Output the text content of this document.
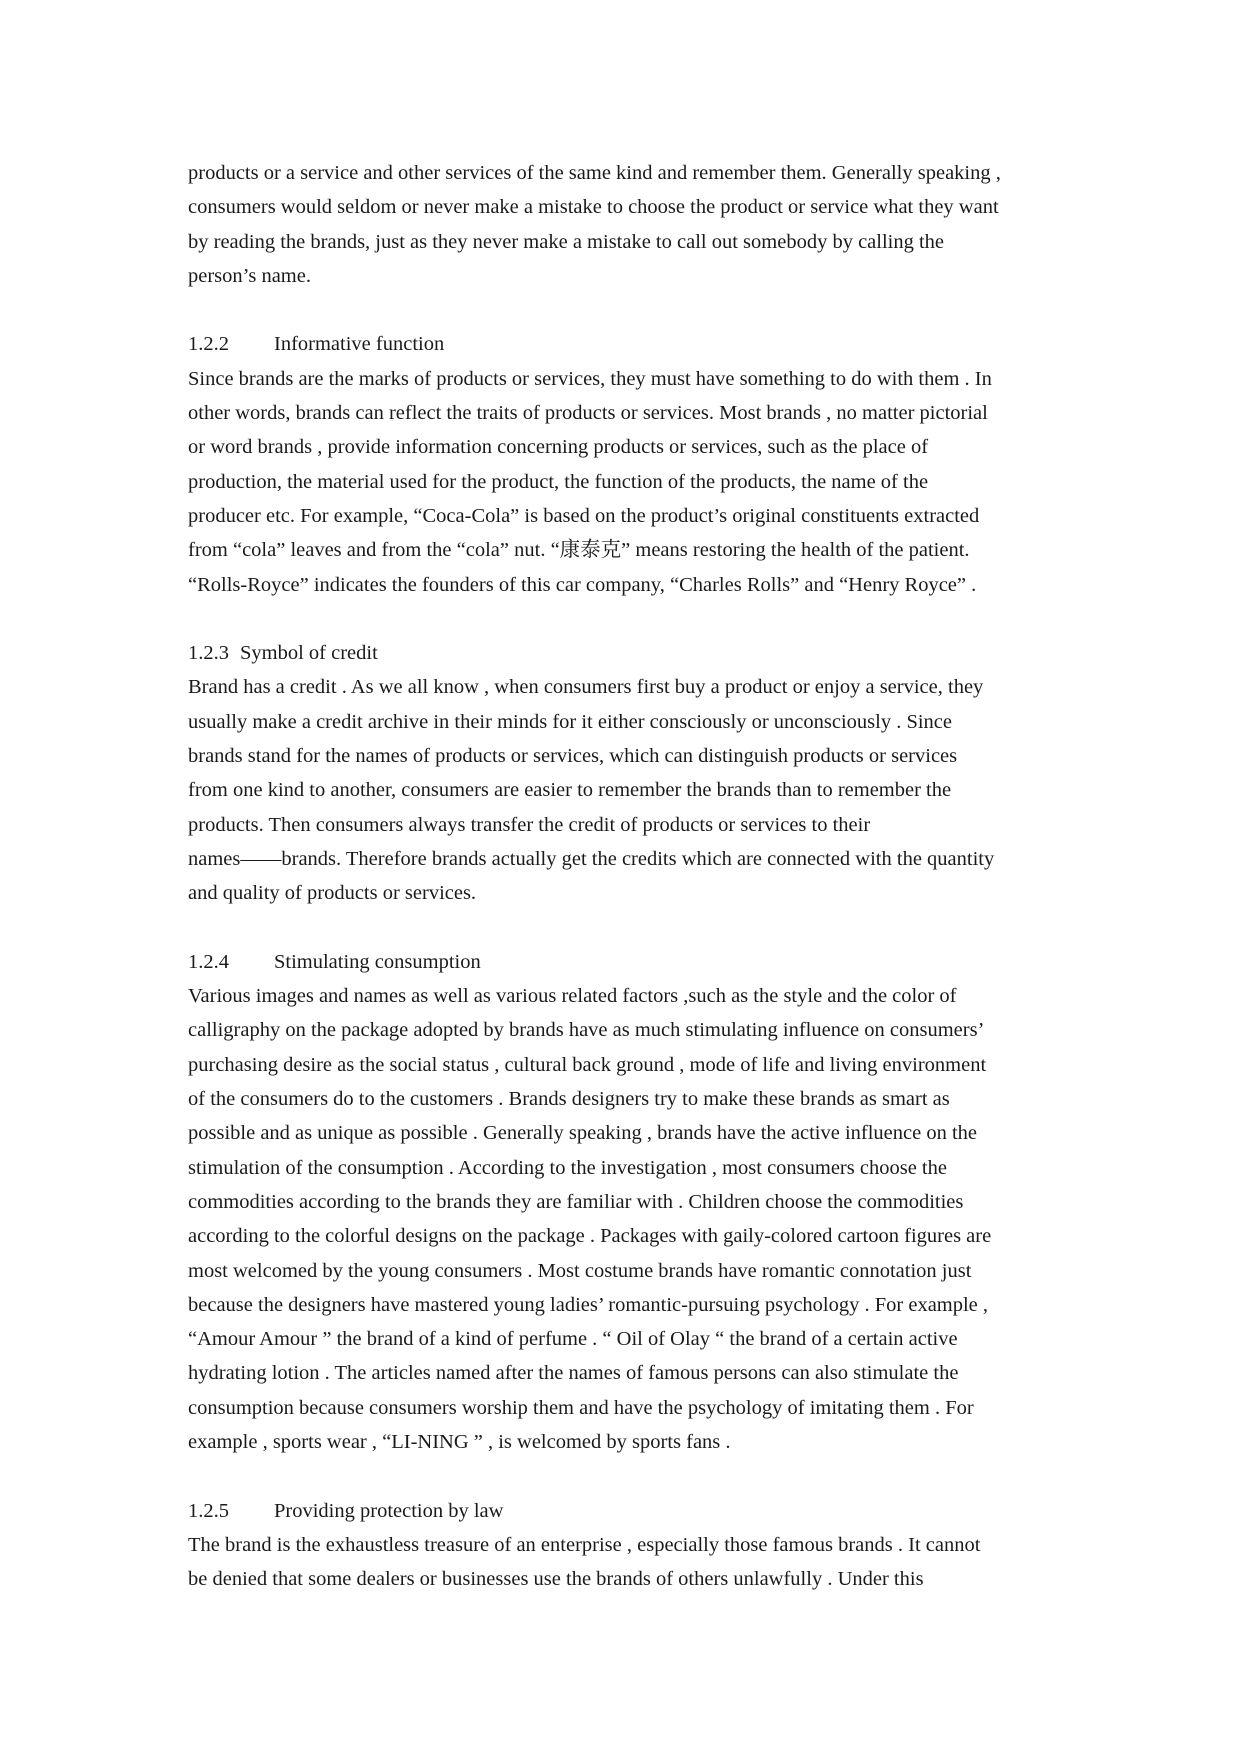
products or a service and other services of the same kind and remember them. Generally speaking ,
consumers would seldom or never make a mistake to choose the product or service what they want
by reading the brands, just as they never make a mistake to call out somebody by calling the
person’s name.

1.2.2 Informative function

Since brands are the marks of products or services, they must have something to do with them . In
other words, brands can reflect the traits of products or services. Most brands , no matter pictorial
or word brands , provide information concerning products or services, such as the place of
production, the material used for the product, the function of the products, the name of the
producer etc. For example, “Coca-Cola” is based on the product’s original constituents extracted
from “cola” leaves and from the “cola” nut. “康泰克” means restoring the health of the patient.
“Rolls-Royce” indicates the founders of this car company, “Charles Rolls” and “Henry Royce” .

1.2.3 Symbol of credit

Brand has a credit . As we all know , when consumers first buy a product or enjoy a service, they
usually make a credit archive in their minds for it either consciously or unconsciously . Since
brands stand for the names of products or services, which can distinguish products or services
from one kind to another, consumers are easier to remember the brands than to remember the
products. Then consumers always transfer the credit of products or services to their
names——brands. Therefore brands actually get the credits which are connected with the quantity
and quality of products or services.

1.2.4 Stimulating consumption

Various images and names as well as various related factors ,such as the style and the color of
calligraphy on the package adopted by brands have as much stimulating influence on consumers’
purchasing desire as the social status , cultural back ground , mode of life and living environment
of the consumers do to the customers . Brands designers try to make these brands as smart as
possible and as unique as possible . Generally speaking , brands have the active influence on the
stimulation of the consumption . According to the investigation , most consumers choose the
commodities according to the brands they are familiar with . Children choose the commodities
according to the colorful designs on the package . Packages with gaily-colored cartoon figures are
most welcomed by the young consumers . Most costume brands have romantic connotation just
because the designers have mastered young ladies’ romantic-pursuing psychology . For example ,
“Amour Amour ” the brand of a kind of perfume . “ Oil of Olay “ the brand of a certain active
hydrating lotion . The articles named after the names of famous persons can also stimulate the
consumption because consumers worship them and have the psychology of imitating them . For
example , sports wear , “LI-NING ” , is welcomed by sports fans .

1.2.5 Providing protection by law

The brand is the exhaustless treasure of an enterprise , especially those famous brands . It cannot
be denied that some dealers or businesses use the brands of others unlawfully . Under this
